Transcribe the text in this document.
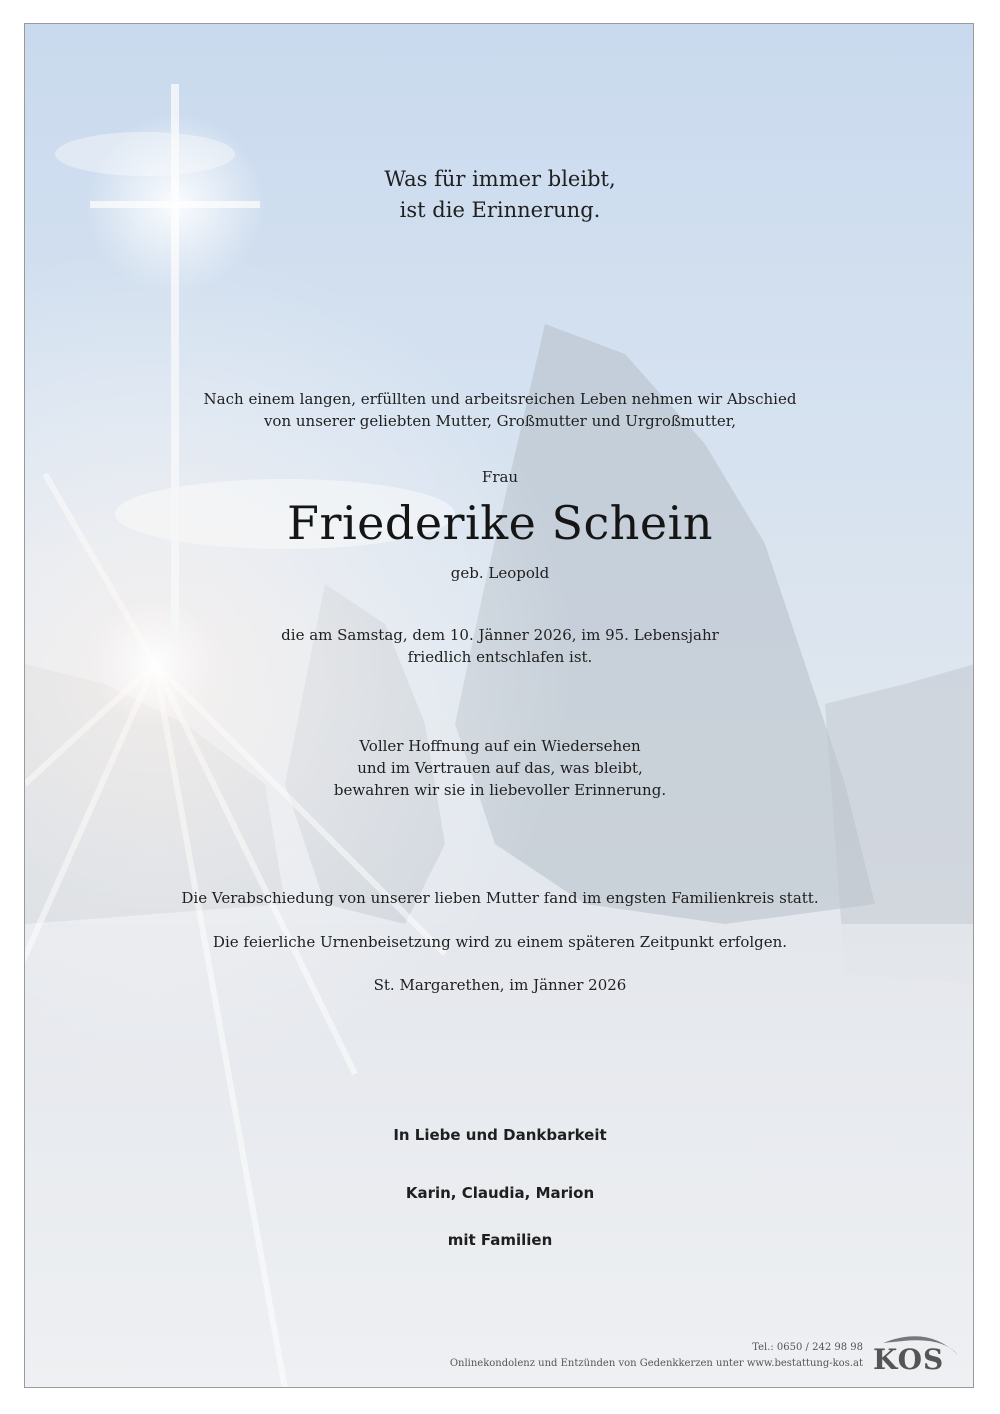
Was für immer bleibt,
ist die Erinnerung.
Nach einem langen, erfüllten und arbeitsreichen Leben nehmen wir Abschied
von unserer geliebten Mutter, Großmutter und Urgroßmutter,
Frau
Friederike Schein
geb. Leopold
die am Samstag, dem 10. Jänner 2026, im 95. Lebensjahr
friedlich entschlafen ist.
Voller Hoffnung auf ein Wiedersehen
und im Vertrauen auf das, was bleibt,
bewahren wir sie in liebevoller Erinnerung.
Die Verabschiedung von unserer lieben Mutter fand im engsten Familienkreis statt.
Die feierliche Urnenbeisetzung wird zu einem späteren Zeitpunkt erfolgen.
St. Margarethen, im Jänner 2026
In Liebe und Dankbarkeit
Karin, Claudia, Marion
mit Familien
Tel.: 0650 / 242 98 98
Onlinekondolenz und Entzünden von Gedenkkerzen unter www.bestattung-kos.at KOS
